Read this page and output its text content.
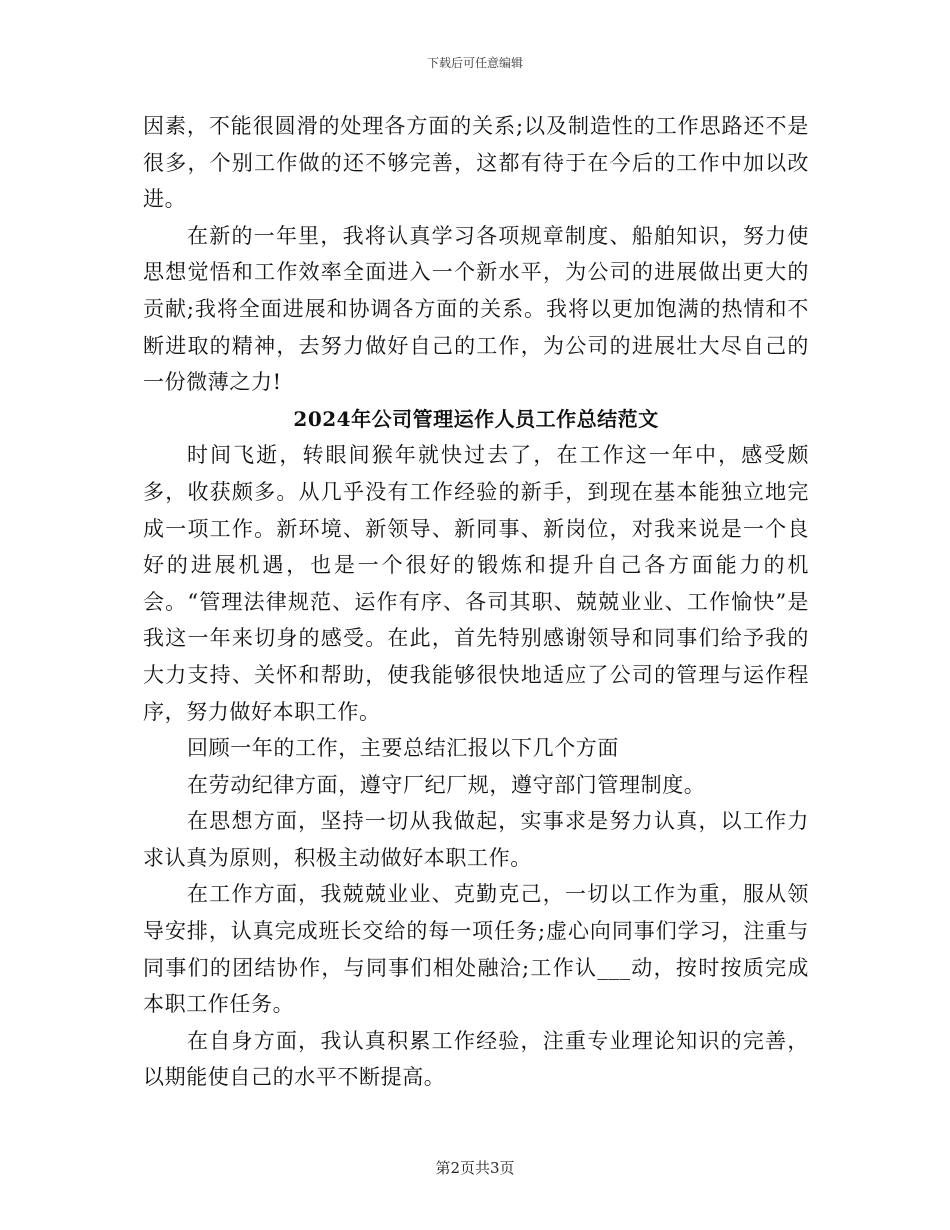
下载后可任意编辑

因素，不能很圆滑的处理各方面的关系;以及制造性的工作思路还不是很多，个别工作做的还不够完善，这都有待于在今后的工作中加以改进。

在新的一年里，我将认真学习各项规章制度、船舶知识，努力使思想觉悟和工作效率全面进入一个新水平，为公司的进展做出更大的贡献;我将全面进展和协调各方面的关系。我将以更加饱满的热情和不断进取的精神，去努力做好自己的工作，为公司的进展壮大尽自己的一份微薄之力!

2024年公司管理运作人员工作总结范文

时间飞逝，转眼间猴年就快过去了，在工作这一年中，感受颇多，收获颇多。从几乎没有工作经验的新手，到现在基本能独立地完成一项工作。新环境、新领导、新同事、新岗位，对我来说是一个良好的进展机遇，也是一个很好的锻炼和提升自己各方面能力的机会。“管理法律规范、运作有序、各司其职、兢兢业业、工作愉快”是我这一年来切身的感受。在此，首先特别感谢领导和同事们给予我的大力支持、关怀和帮助，使我能够很快地适应了公司的管理与运作程序，努力做好本职工作。

回顾一年的工作，主要总结汇报以下几个方面

在劳动纪律方面，遵守厂纪厂规，遵守部门管理制度。

在思想方面，坚持一切从我做起，实事求是努力认真，以工作力求认真为原则，积极主动做好本职工作。

在工作方面，我兢兢业业、克勤克己，一切以工作为重，服从领导安排，认真完成班长交给的每一项任务;虚心向同事们学习，注重与同事们的团结协作，与同事们相处融洽;工作认___动，按时按质完成本职工作任务。

在自身方面，我认真积累工作经验，注重专业理论知识的完善，以期能使自己的水平不断提高。

第2页共3页
